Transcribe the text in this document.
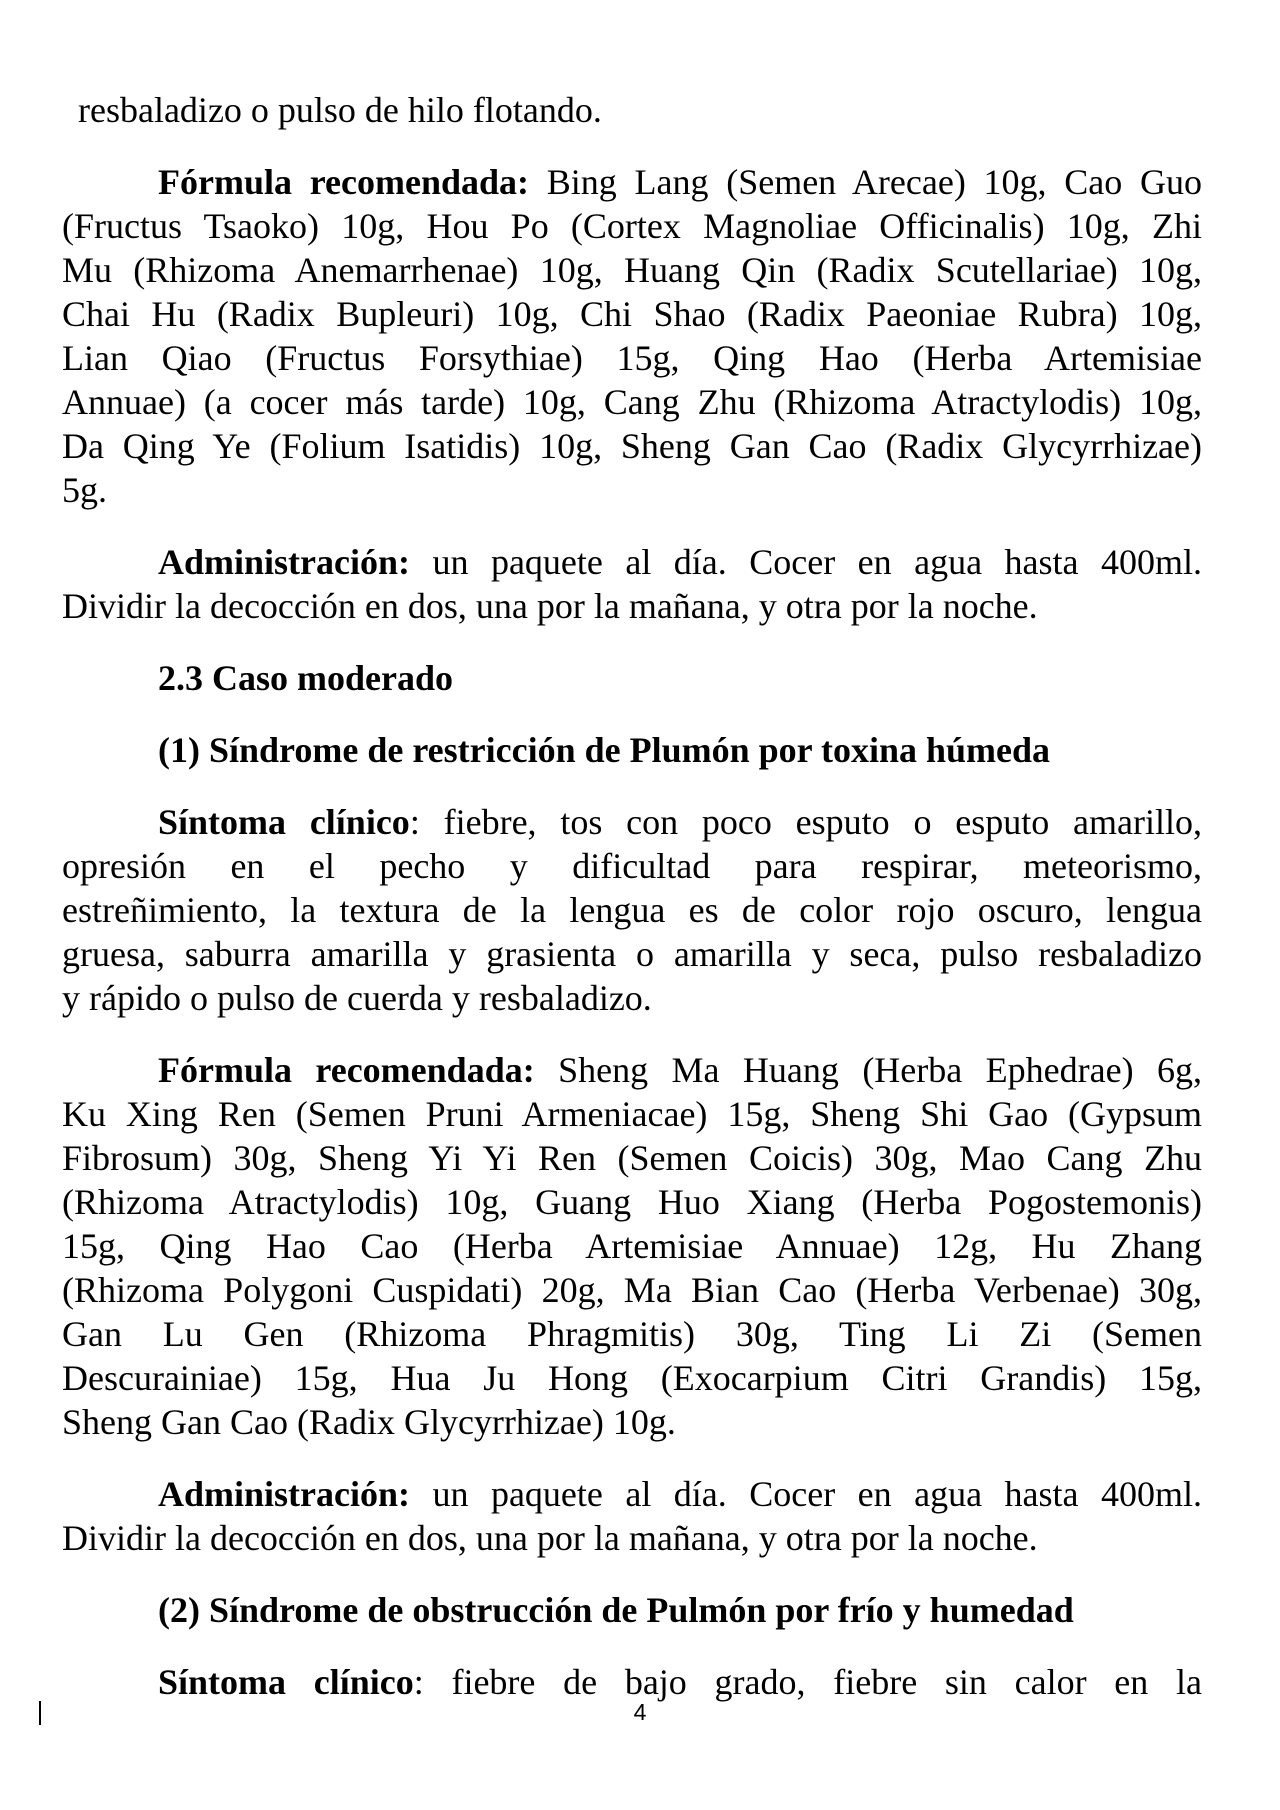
resbaladizo o pulso de hilo flotando.
Fórmula recomendada: Bing Lang (Semen Arecae) 10g, Cao Guo
(Fructus Tsaoko) 10g, Hou Po (Cortex Magnoliae Officinalis) 10g, Zhi
Mu (Rhizoma Anemarrhenae) 10g, Huang Qin (Radix Scutellariae) 10g,
Chai Hu (Radix Bupleuri) 10g, Chi Shao (Radix Paeoniae Rubra) 10g,
Lian Qiao (Fructus Forsythiae) 15g, Qing Hao (Herba Artemisiae
Annuae) (a cocer más tarde) 10g, Cang Zhu (Rhizoma Atractylodis) 10g,
Da Qing Ye (Folium Isatidis) 10g, Sheng Gan Cao (Radix Glycyrrhizae)
5g.
Administración: un paquete al día. Cocer en agua hasta 400ml.
Dividir la decocción en dos, una por la mañana, y otra por la noche.
2.3 Caso moderado
(1) Síndrome de restricción de Plumón por toxina húmeda
Síntoma clínico: fiebre, tos con poco esputo o esputo amarillo,
opresión en el pecho y dificultad para respirar, meteorismo,
estreñimiento, la textura de la lengua es de color rojo oscuro, lengua
gruesa, saburra amarilla y grasienta o amarilla y seca, pulso resbaladizo
y rápido o pulso de cuerda y resbaladizo.
Fórmula recomendada: Sheng Ma Huang (Herba Ephedrae) 6g,
Ku Xing Ren (Semen Pruni Armeniacae) 15g, Sheng Shi Gao (Gypsum
Fibrosum) 30g, Sheng Yi Yi Ren (Semen Coicis) 30g, Mao Cang Zhu
(Rhizoma Atractylodis) 10g, Guang Huo Xiang (Herba Pogostemonis)
15g, Qing Hao Cao (Herba Artemisiae Annuae) 12g, Hu Zhang
(Rhizoma Polygoni Cuspidati) 20g, Ma Bian Cao (Herba Verbenae) 30g,
Gan Lu Gen (Rhizoma Phragmitis) 30g, Ting Li Zi (Semen
Descurainiae) 15g, Hua Ju Hong (Exocarpium Citri Grandis) 15g,
Sheng Gan Cao (Radix Glycyrrhizae) 10g.
Administración: un paquete al día. Cocer en agua hasta 400ml.
Dividir la decocción en dos, una por la mañana, y otra por la noche.
(2) Síndrome de obstrucción de Pulmón por frío y humedad
Síntoma clínico: fiebre de bajo grado, fiebre sin calor en la
4
